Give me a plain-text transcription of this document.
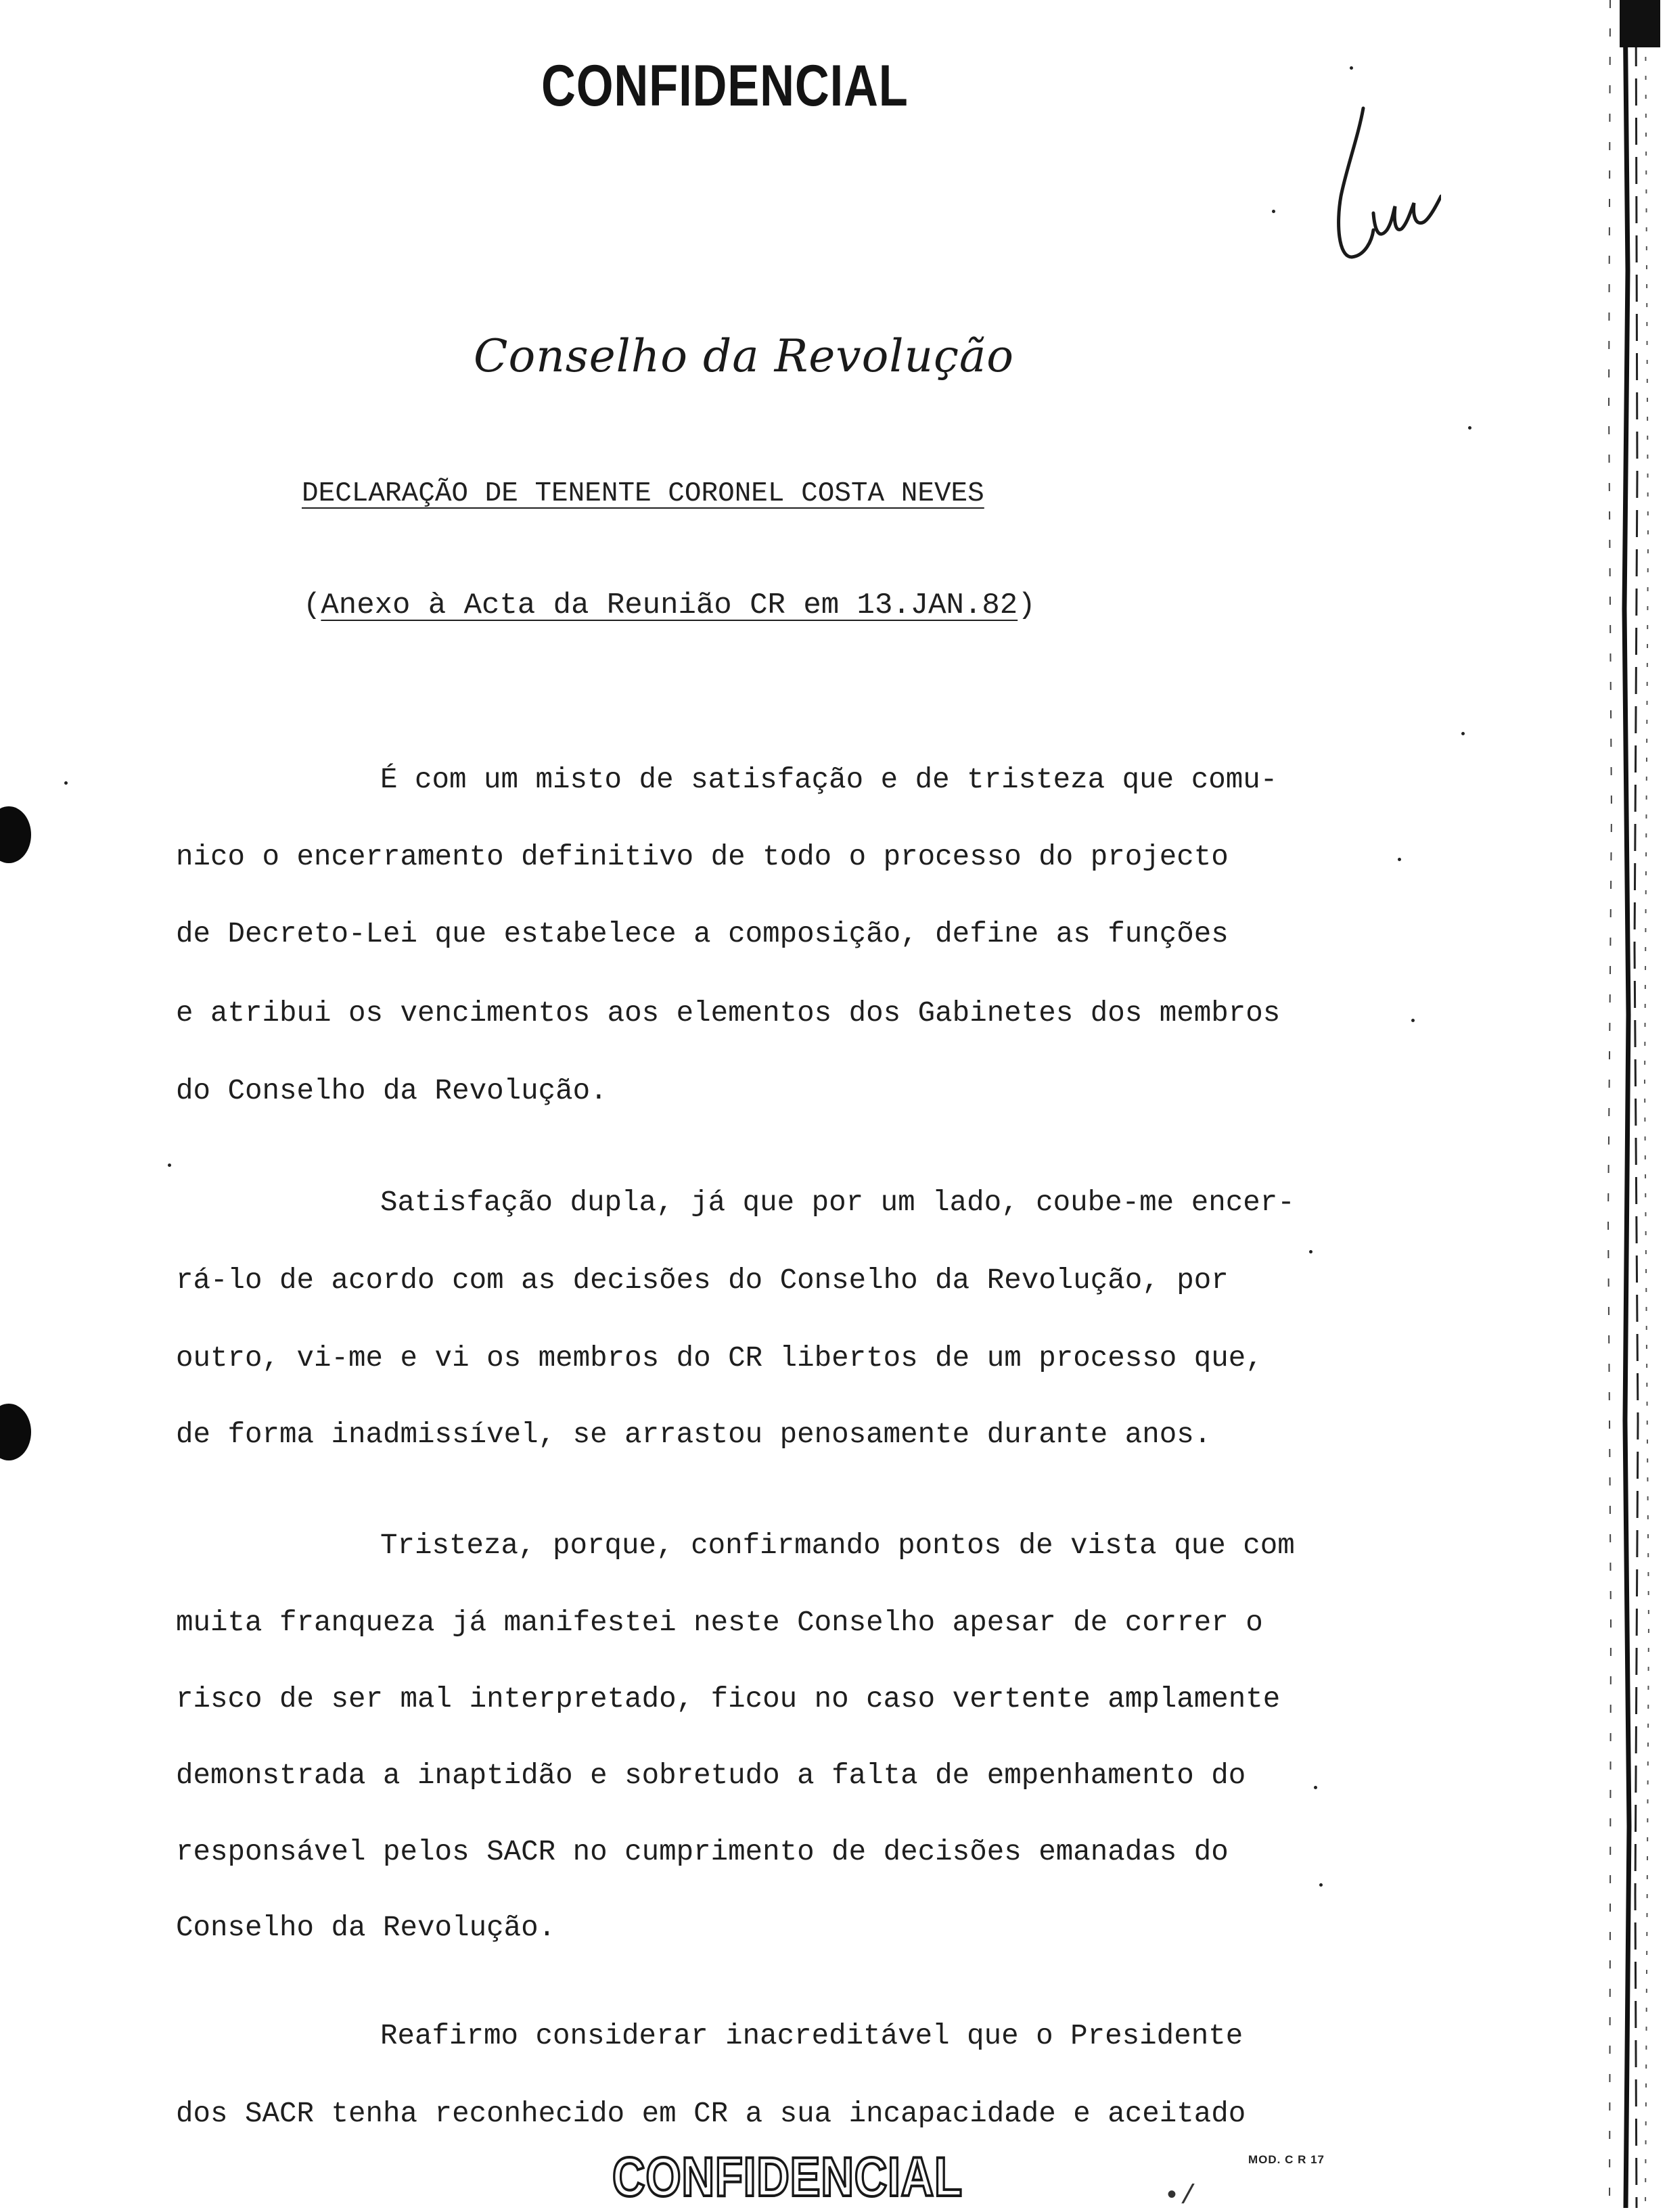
CONFIDENCIAL
Conselho da Revolução
DECLARAÇÃO DE TENENTE CORONEL COSTA NEVES
(Anexo à Acta da Reunião CR em 13.JAN.82)
É com um misto de satisfação e de tristeza que comu-
nico o encerramento definitivo de todo o processo do projecto
de Decreto-Lei que estabelece a composição, define as funções
e atribui os vencimentos aos elementos dos Gabinetes dos membros
do Conselho da Revolução.
Satisfação dupla, já que por um lado, coube-me encer-
rá-lo de acordo com as decisões do Conselho da Revolução, por
outro, vi-me e vi os membros do CR libertos de um processo que,
de forma inadmissível, se arrastou penosamente durante anos.
Tristeza, porque, confirmando pontos de vista que com
muita franqueza já manifestei neste Conselho apesar de correr o
risco de ser mal interpretado, ficou no caso vertente amplamente
demonstrada a inaptidão e sobretudo a falta de empenhamento do
responsável pelos SACR no cumprimento de decisões emanadas do
Conselho da Revolução.
Reafirmo considerar inacreditável que o Presidente
dos SACR tenha reconhecido em CR a sua incapacidade e aceitado
CONFIDENCIAL	•/
MOD. C R 17
